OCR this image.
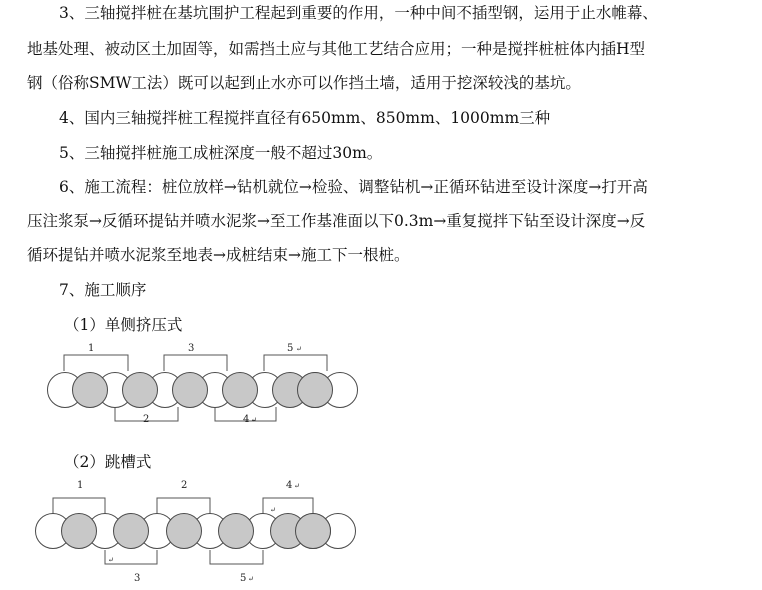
3、三轴搅拌桩在基坑围护工程起到重要的作用，一种中间不插型钢，运用于止水帷幕、
地基处理、被动区土加固等，如需挡土应与其他工艺结合应用；一种是搅拌桩桩体内插H型
钢（俗称SMW工法）既可以起到止水亦可以作挡土墙，适用于挖深较浅的基坑。
4、国内三轴搅拌桩工程搅拌直径有650mm、850mm、1000mm三种
5、三轴搅拌桩施工成桩深度一般不超过30m。
6、施工流程：桩位放样→钻机就位→检验、调整钻机→正循环钻进至设计深度→打开高
压注浆泵→反循环提钻并喷水泥浆→至工作基准面以下0.3m→重复搅拌下钻至设计深度→反
循环提钻并喷水泥浆至地表→成桩结束→施工下一根桩。
7、施工顺序
（1）单侧挤压式
1	3	5 ↵
2	4 ↵
（2）跳槽式
1	2	4 ↵
↵
3
↵
5 ↵
